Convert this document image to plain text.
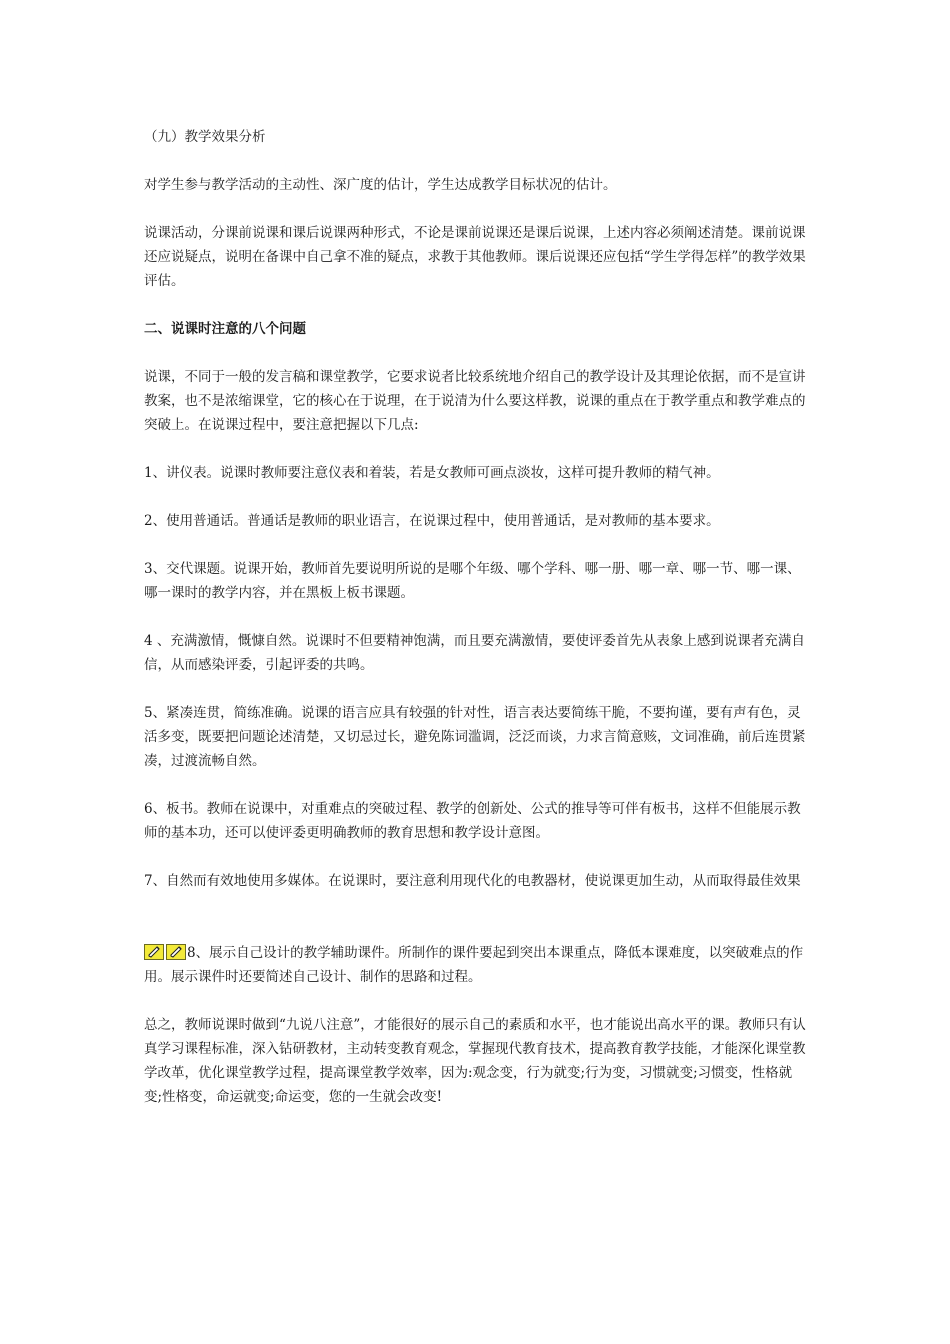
（九）教学效果分析

对学生参与教学活动的主动性、深广度的估计，学生达成教学目标状况的估计。

说课活动，分课前说课和课后说课两种形式，不论是课前说课还是课后说课，上述内容必须阐述清楚。课前说课还应说疑点，说明在备课中自己拿不准的疑点，求教于其他教师。课后说课还应包括“学生学得怎样”的教学效果评估。

二、说课时注意的八个问题

说课，不同于一般的发言稿和课堂教学，它要求说者比较系统地介绍自己的教学设计及其理论依据，而不是宣讲教案，也不是浓缩课堂，它的核心在于说理，在于说清为什么要这样教，说课的重点在于教学重点和教学难点的突破上。在说课过程中，要注意把握以下几点:

1、讲仪表。说课时教师要注意仪表和着装，若是女教师可画点淡妆，这样可提升教师的精气神。

2、使用普通话。普通话是教师的职业语言，在说课过程中，使用普通话，是对教师的基本要求。

3、交代课题。说课开始，教师首先要说明所说的是哪个年级、哪个学科、哪一册、哪一章、哪一节、哪一课、哪一课时的教学内容，并在黑板上板书课题。

4 、充满激情，慨慷自然。说课时不但要精神饱满，而且要充满激情，要使评委首先从表象上感到说课者充满自信，从而感染评委，引起评委的共鸣。

5、紧凑连贯，简练准确。说课的语言应具有较强的针对性，语言表达要简练干脆，不要拘谨，要有声有色，灵活多变，既要把问题论述清楚，又切忌过长，避免陈词滥调，泛泛而谈，力求言简意赅，文词准确，前后连贯紧凑，过渡流畅自然。

6、板书。教师在说课中，对重难点的突破过程、教学的创新处、公式的推导等可伴有板书，这样不但能展示教师的基本功，还可以使评委更明确教师的教育思想和教学设计意图。

7、自然而有效地使用多媒体。在说课时，要注意利用现代化的电教器材，使说课更加生动，从而取得最佳效果

8、展示自己设计的教学辅助课件。所制作的课件要起到突出本课重点，降低本课难度，以突破难点的作用。展示课件时还要简述自己设计、制作的思路和过程。

总之，教师说课时做到“九说八注意”，才能很好的展示自己的素质和水平，也才能说出高水平的课。教师只有认真学习课程标准，深入钻研教材，主动转变教育观念，掌握现代教育技术，提高教育教学技能，才能深化课堂教学改革，优化课堂教学过程，提高课堂教学效率，因为:观念变，行为就变;行为变，习惯就变;习惯变，性格就变;性格变，命运就变;命运变，您的一生就会改变!
